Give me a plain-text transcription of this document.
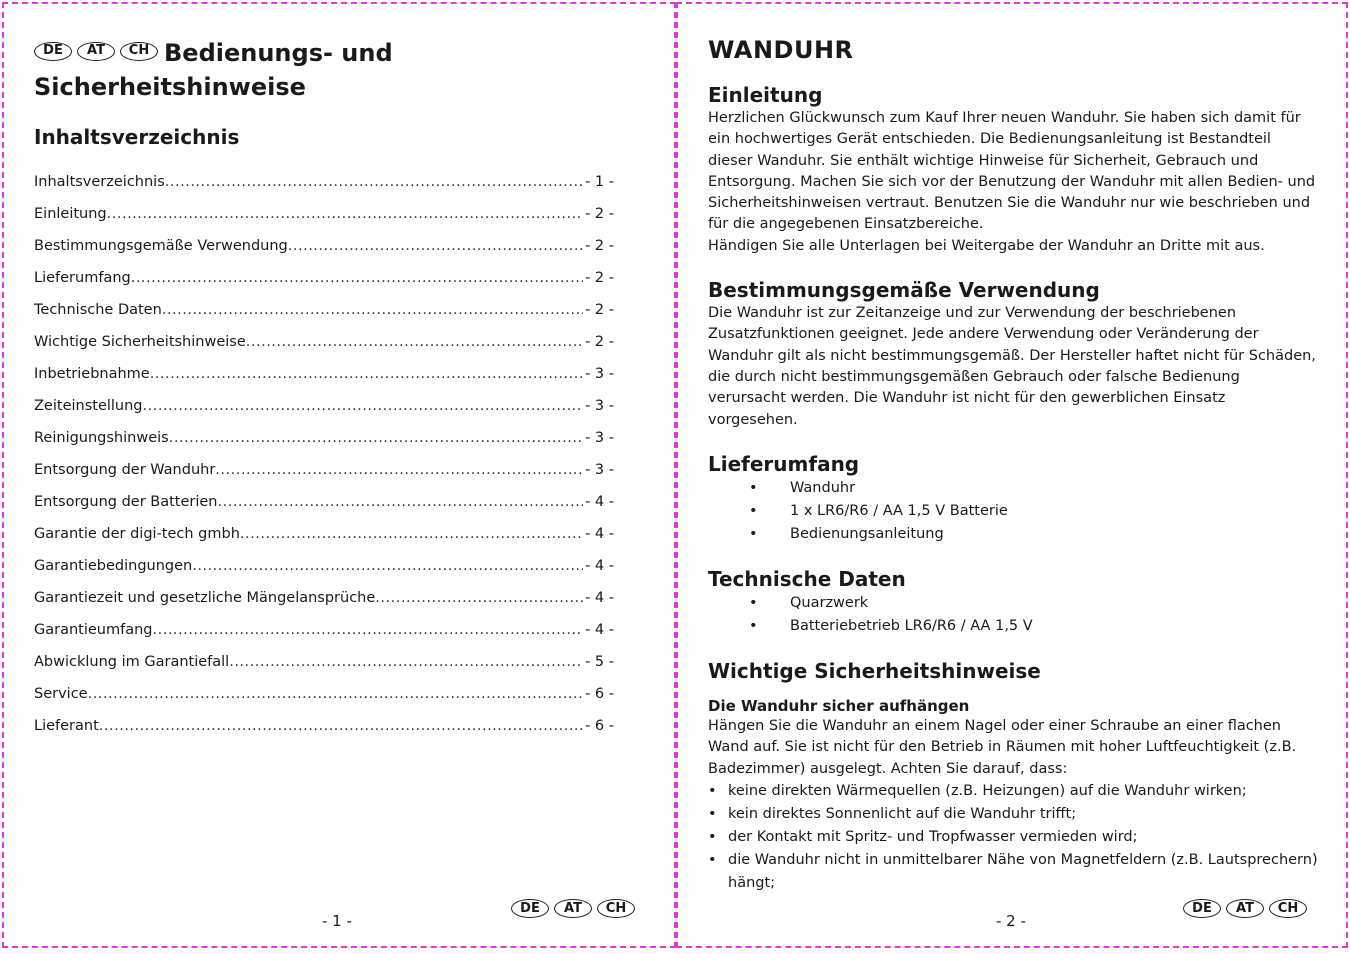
DE	AT	CH Bedienungs- und Sicherheitshinweise
Inhaltsverzeichnis
Inhaltsverzeichnis .....	- 1 -
Einleitung .....	- 2 -
Bestimmungsgemäße Verwendung .....	- 2 -
Lieferumfang .....	- 2 -
Technische Daten .....	- 2 -
Wichtige Sicherheitshinweise .....	- 2 -
Inbetriebnahme .....	- 3 -
Zeiteinstellung .....	- 3 -
Reinigungshinweis .....	- 3 -
Entsorgung der Wanduhr .....	- 3 -
Entsorgung der Batterien .....	- 4 -
Garantie der digi-tech gmbh .....	- 4 -
Garantiebedingungen .....	- 4 -
Garantiezeit und gesetzliche Mängelansprüche .....	- 4 -
Garantieumfang .....	- 4 -
Abwicklung im Garantiefall .....	- 5 -
Service .....	- 6 -
Lieferant .....	- 6 -
- 1 -
DE	AT	CH
WANDUHR
Einleitung

Herzlichen Glückwunsch zum Kauf Ihrer neuen Wanduhr. Sie haben sich damit für ein hochwertiges Gerät entschieden. Die Bedienungsanleitung ist Bestandteil dieser Wanduhr. Sie enthält wichtige Hinweise für Sicherheit, Gebrauch und Entsorgung. Machen Sie sich vor der Benutzung der Wanduhr mit allen Bedien- und Sicherheitshinweisen vertraut. Benutzen Sie die Wanduhr nur wie beschrieben und für die angegebenen Einsatzbereiche.
Händigen Sie alle Unterlagen bei Weitergabe der Wanduhr an Dritte mit aus.

Bestimmungsgemäße Verwendung

Die Wanduhr ist zur Zeitanzeige und zur Verwendung der beschriebenen Zusatzfunktionen geeignet. Jede andere Verwendung oder Veränderung der Wanduhr gilt als nicht bestimmungsgemäß. Der Hersteller haftet nicht für Schäden, die durch nicht bestimmungsgemäßen Gebrauch oder falsche Bedienung verursacht werden. Die Wanduhr ist nicht für den gewerblichen Einsatz vorgesehen.

Lieferumfang
• Wanduhr
• 1 x LR6/R6 / AA 1,5 V Batterie
• Bedienungsanleitung
Technische Daten
• Quarzwerk
• Batteriebetrieb LR6/R6 / AA 1,5 V
Wichtige Sicherheitshinweise
Die Wanduhr sicher aufhängen

Hängen Sie die Wanduhr an einem Nagel oder einer Schraube an einer flachen Wand auf. Sie ist nicht für den Betrieb in Räumen mit hoher Luftfeuchtigkeit (z.B. Badezimmer) ausgelegt. Achten Sie darauf, dass:

• keine direkten Wärmequellen (z.B. Heizungen) auf die Wanduhr wirken;
• kein direktes Sonnenlicht auf die Wanduhr trifft;
• der Kontakt mit Spritz- und Tropfwasser vermieden wird;
• die Wanduhr nicht in unmittelbarer Nähe von Magnetfeldern (z.B. Lautsprechern) hängt;
- 2 -
DE	AT	CH
